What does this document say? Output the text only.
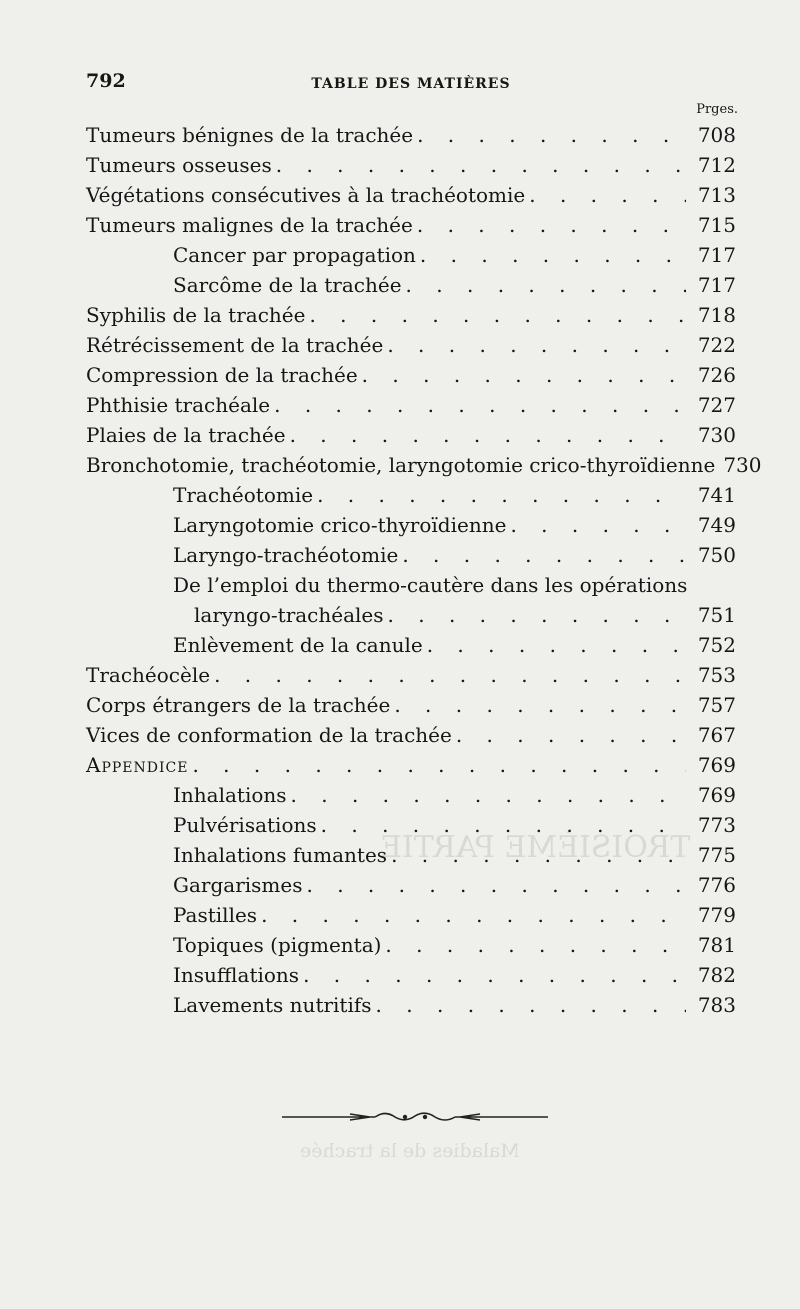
TROISIÈME PARTIE
Maladies de la trachée
792	TABLE DES MATIÈRES
Prges.
Tumeurs bénignes de la trachée . . .	708
Tumeurs osseuses . . .	712
Végétations consécutives à la trachéotomie . . .	713
Tumeurs malignes de la trachée . . .	715
Cancer par propagation . . .	717
Sarcôme de la trachée . . .	717
Syphilis de la trachée . . .	718
Rétrécissement de la trachée . . .	722
Compression de la trachée . . .	726
Phthisie trachéale . . .	727
Plaies de la trachée . . .	730
Bronchotomie, trachéotomie, laryngotomie crico-thyroïdienne 730
Trachéotomie . . .	741
Laryngotomie crico-thyroïdienne . . .	749
Laryngo-trachéotomie . . .	750
De l’emploi du thermo-cautère dans les opérations
laryngo-trachéales . . .	751
Enlèvement de la canule . . .	752
Trachéocèle . . .	753
Corps étrangers de la trachée . . .	757
Vices de conformation de la trachée . . .	767
Appendice . . .	769
Inhalations . . .	769
Pulvérisations . . .	773
Inhalations fumantes . . .	775
Gargarismes . . .	776
Pastilles . . .	779
Topiques (pigmenta) . . .	781
Insufflations . . .	782
Lavements nutritifs . . .	783
